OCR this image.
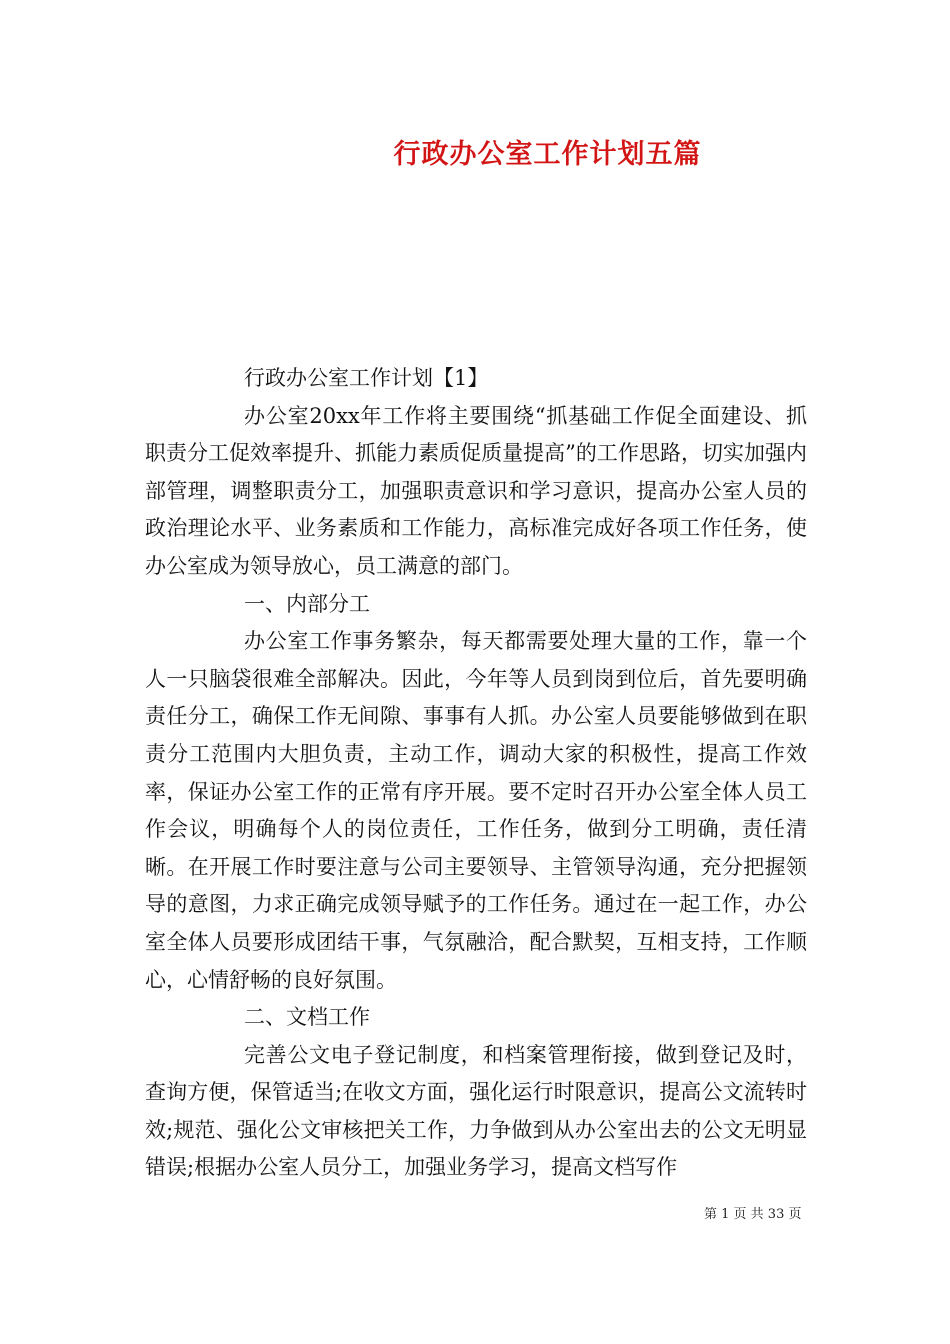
行政办公室工作计划五篇

行政办公室工作计划【1】

办公室20xx年工作将主要围绕“抓基础工作促全面建设、抓职责分工促效率提升、抓能力素质促质量提高”的工作思路，切实加强内部管理，调整职责分工，加强职责意识和学习意识，提高办公室人员的政治理论水平、业务素质和工作能力，高标准完成好各项工作任务，使办公室成为领导放心，员工满意的部门。

一、内部分工

办公室工作事务繁杂，每天都需要处理大量的工作，靠一个人一只脑袋很难全部解决。因此，今年等人员到岗到位后，首先要明确责任分工，确保工作无间隙、事事有人抓。办公室人员要能够做到在职责分工范围内大胆负责，主动工作，调动大家的积极性，提高工作效率，保证办公室工作的正常有序开展。要不定时召开办公室全体人员工作会议，明确每个人的岗位责任，工作任务，做到分工明确，责任清晰。在开展工作时要注意与公司主要领导、主管领导沟通，充分把握领导的意图，力求正确完成领导赋予的工作任务。通过在一起工作，办公室全体人员要形成团结干事，气氛融洽，配合默契，互相支持，工作顺心，心情舒畅的良好氛围。

二、文档工作

完善公文电子登记制度，和档案管理衔接，做到登记及时，查询方便，保管适当;在收文方面，强化运行时限意识，提高公文流转时效;规范、强化公文审核把关工作，力争做到从办公室出去的公文无明显错误;根据办公室人员分工，加强业务学习，提高文档写作

第 1 页 共 33 页
